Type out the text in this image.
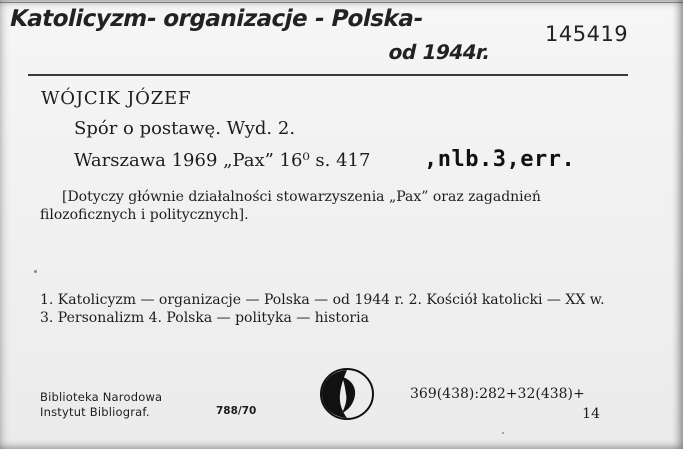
Katolicyzm- organizacje - Polska-
od 1944r.
145419
WÓJCIK JÓZEF
Spór o postawę. Wyd. 2.
Warszawa 1969 „Pax” 16⁰ s. 417 ,nlb.3,err.
[Dotyczy głównie działalności stowarzyszenia „Pax” oraz zagadnień filozoficznych i politycznych].
1. Katolicyzm — organizacje — Polska — od 1944 r. 2. Kościół katolicki — XX w. 3. Personalizm 4. Polska — polityka — historia
Biblioteka Narodowa
Instytut Bibliograf.	788/70
369(438):282+32(438)+
14
